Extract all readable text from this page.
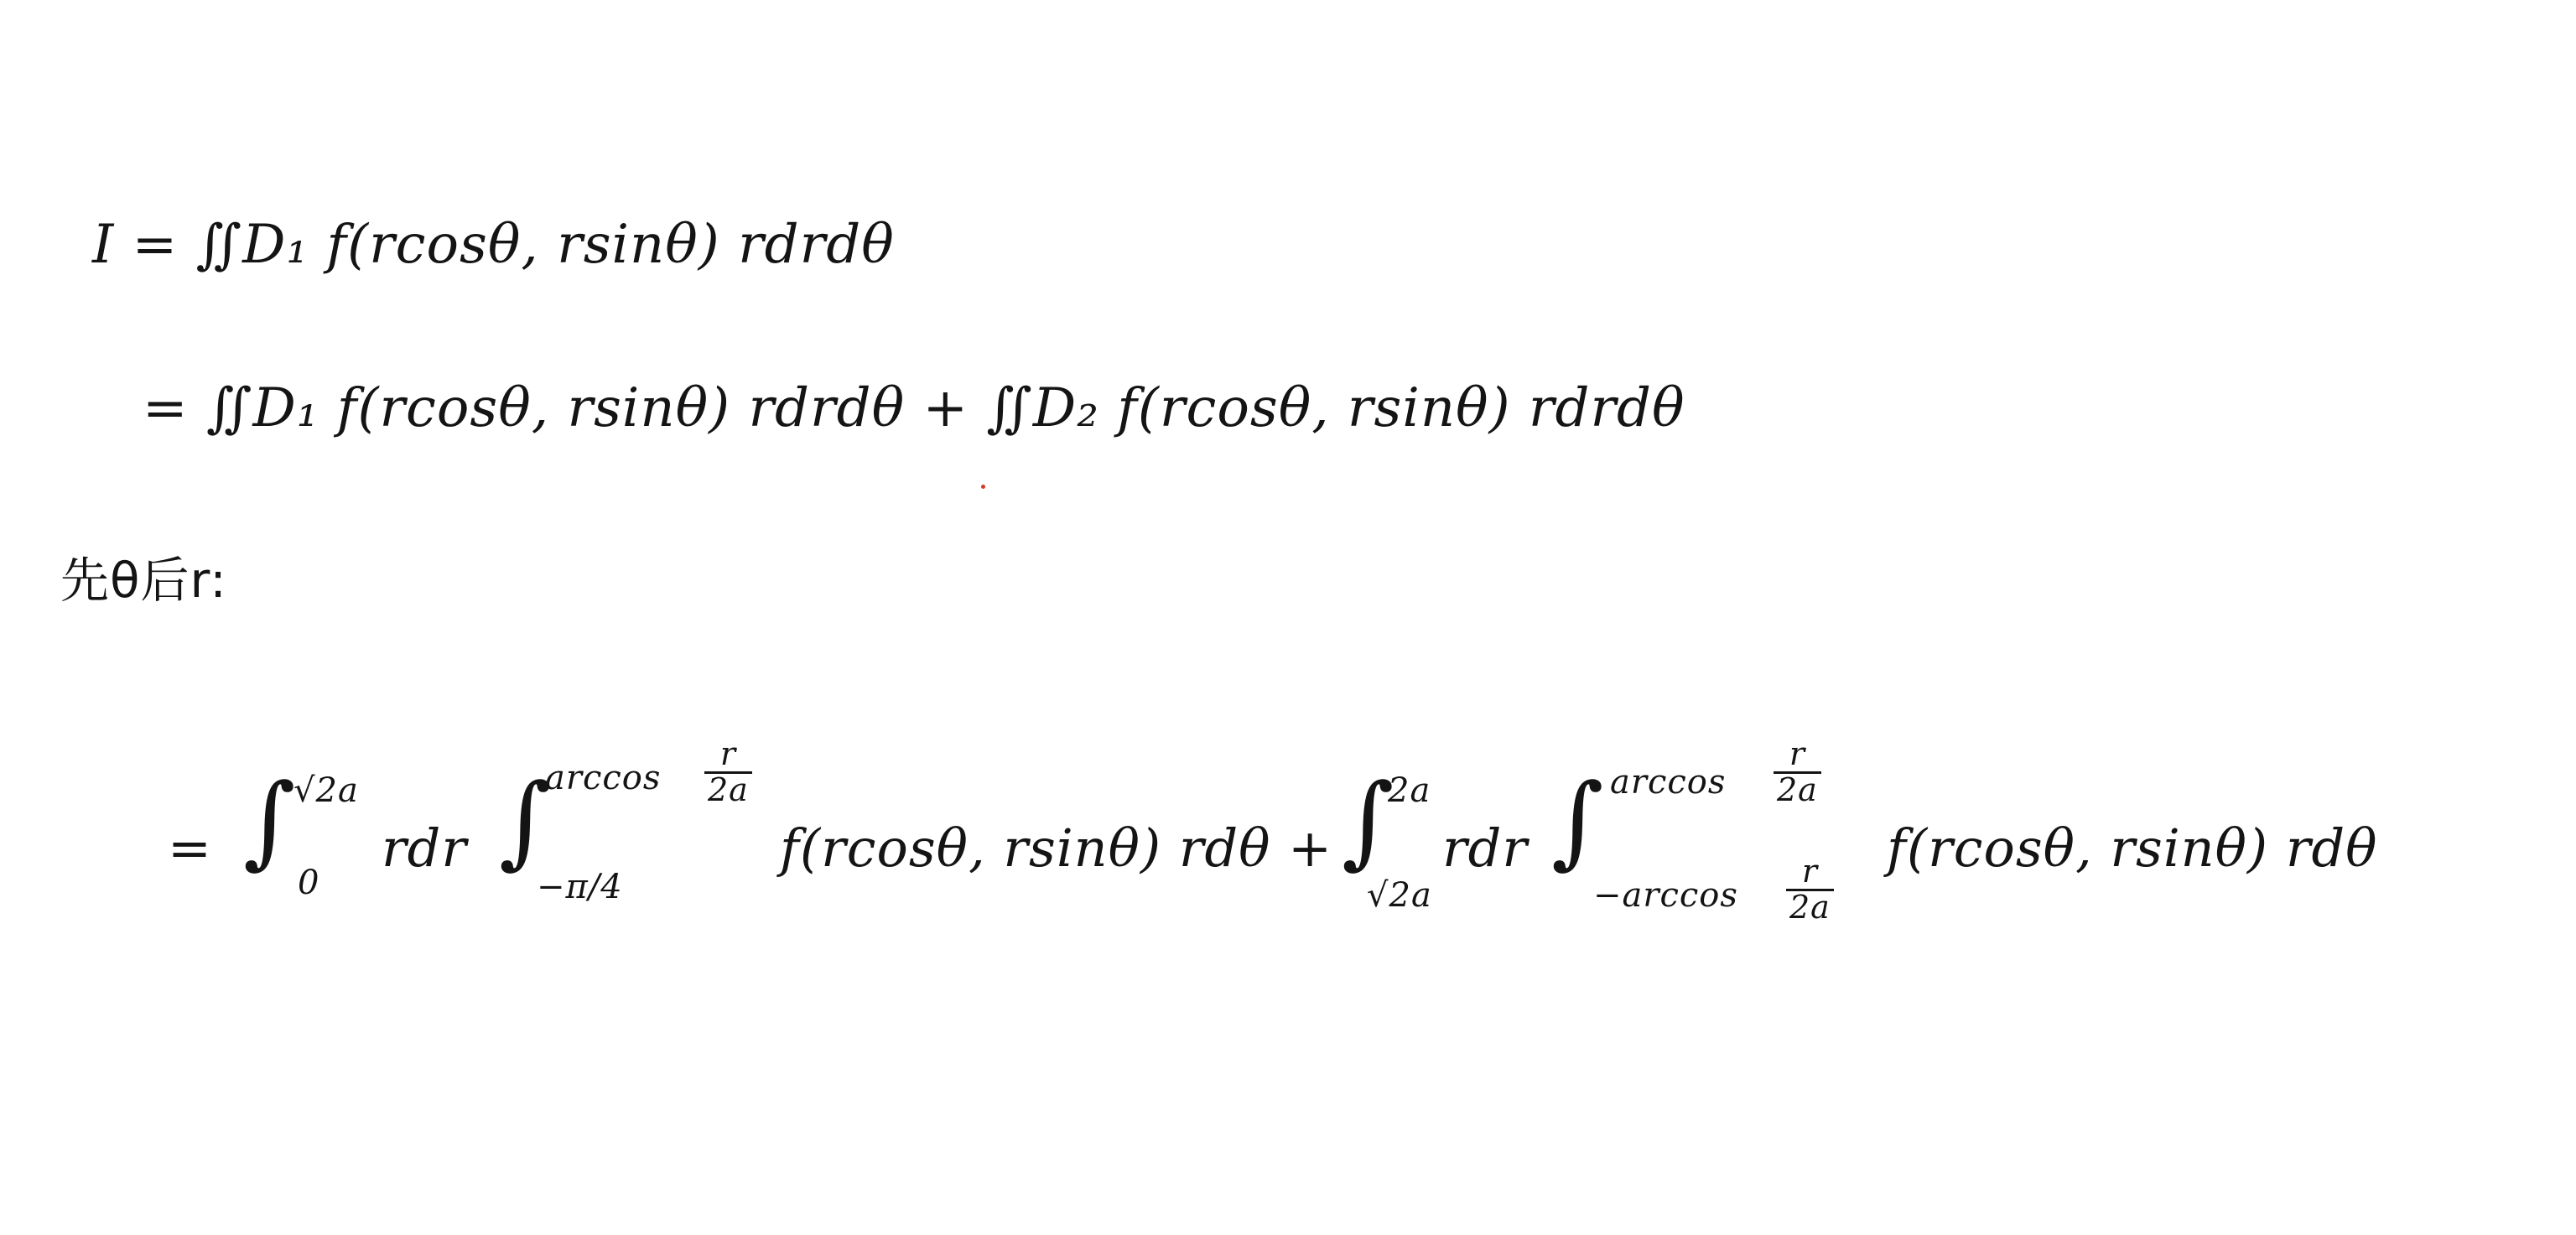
I = ∬D₁ f(rcosθ, rsinθ) rdrdθ
= ∬D₁ f(rcosθ, rsinθ) rdrdθ + ∬D₂ f(rcosθ, rsinθ) rdrdθ
先θ后r:
= ∫
√2a
0
rdr ∫
$\arccos \frac{r}{2a}$
−π/4
f(rcosθ, rsinθ) rdθ + ∫
2a
√2a
rdr ∫ $\arccos \frac{r}{2a}$
$-\arccos \frac{r}{2a}$
f(rcosθ, rsinθ) rdθ
